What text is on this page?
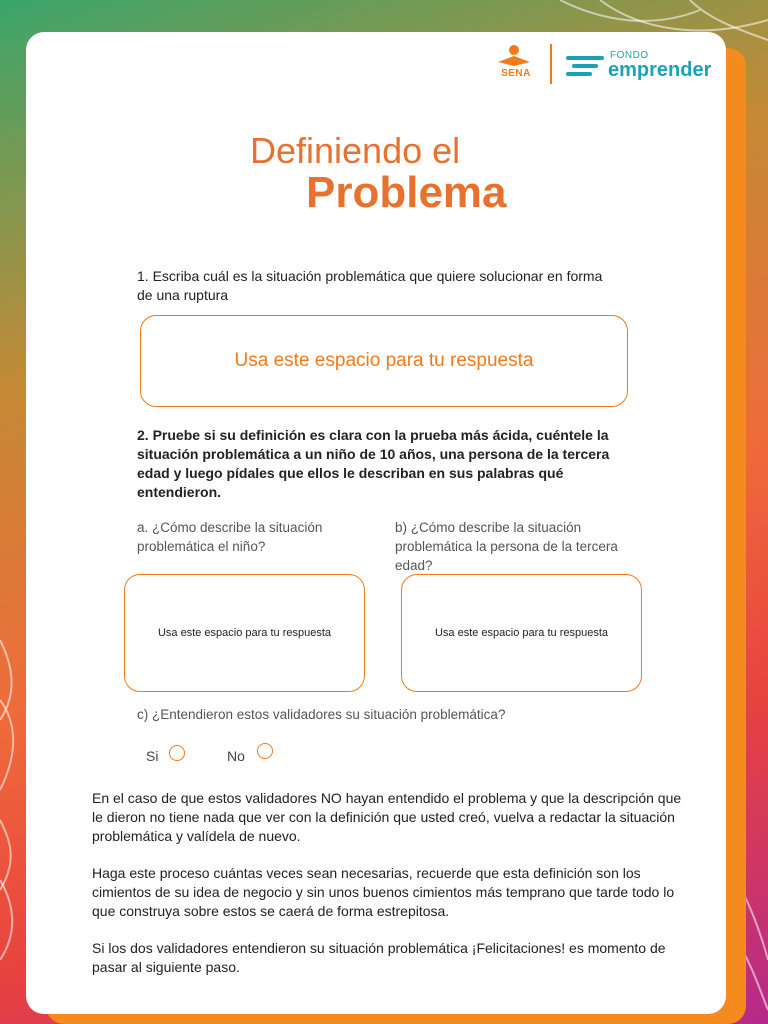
SENA
FONDO
emprender
Definiendo el
Problema
1. Escriba cuál es la situación problemática que quiere solucionar en forma de una ruptura
Usa este espacio para tu respuesta
2. Pruebe si su definición es clara con la prueba más ácida, cuéntele la situación problemática a un niño de 10 años, una persona de la tercera edad y luego pídales que ellos le describan en sus palabras qué entendieron.
a. ¿Cómo describe la situación problemática el niño?
b) ¿Cómo describe la situación problemática la persona de la tercera edad?
Usa este espacio para tu respuesta	Usa este espacio para tu respuesta
c) ¿Entendieron estos validadores su situación problemática?
Si	No
En el caso de que estos validadores NO hayan entendido el problema y que la descripción que le dieron no tiene nada que ver con la definición que usted creó, vuelva a redactar la situación problemática y valídela de nuevo.
Haga este proceso cuántas veces sean necesarias, recuerde que esta definición son los cimientos de su idea de negocio y sin unos buenos cimientos más temprano que tarde todo lo que construya sobre estos se caerá de forma estrepitosa.
Si los dos validadores entendieron su situación problemática ¡Felicitaciones! es momento de pasar al siguiente paso.
